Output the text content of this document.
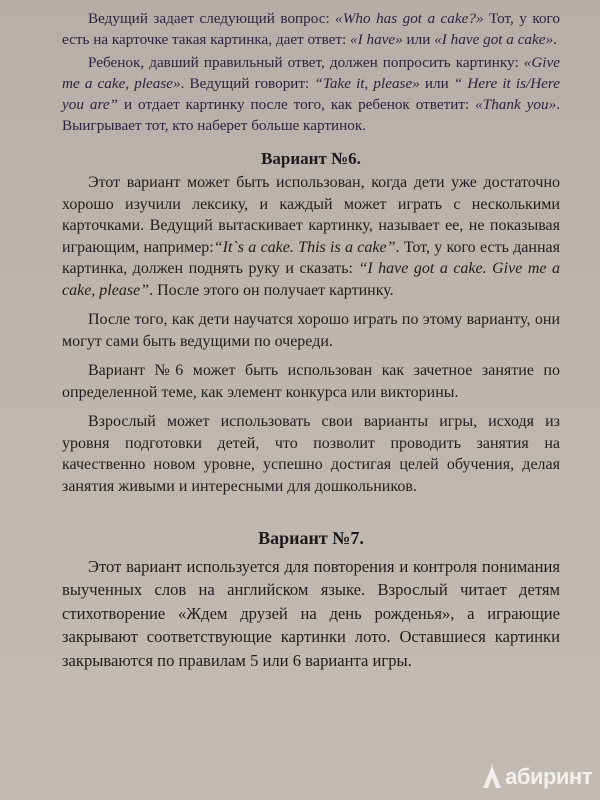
Ведущий задает следующий вопрос: «Who has got a cake?» Тот, у кого есть на карточке такая картинка, дает ответ: «I have» или «I have got a cake».

Ребенок, давший правильный ответ, должен попросить картинку: «Give me a cake, please». Ведущий говорит: “Take it, please» или “ Here it is/Here you are” и отдает картинку после того, как ребенок ответит: «Thank you». Выигрывает тот, кто наберет больше картинок.

Вариант №6.

Этот вариант может быть использован, когда дети уже достаточно хорошо изучили лексику, и каждый может играть с несколькими карточками. Ведущий вытаскивает картинку, называет ее, не показывая играющим, например:“It`s a cake. This is a cake”. Тот, у кого есть данная картинка, должен поднять руку и сказать: “I have got a cake. Give me a cake, please”. После этого он получает картинку.

После того, как дети научатся хорошо играть по этому варианту, они могут сами быть ведущими по очереди.

Вариант №6 может быть использован как зачетное занятие по определенной теме, как элемент конкурса или викторины.

Взрослый может использовать свои варианты игры, исходя из уровня подготовки детей, что позволит проводить занятия на качественно новом уровне, успешно достигая целей обучения, делая занятия живыми и интересными для дошкольников.

Вариант №7.

Этот вариант используется для повторения и контроля понимания выученных слов на английском языке. Взрослый читает детям стихотворение «Ждем друзей на день рожденья», а играющие закрывают соответствующие картинки лото. Оставшиеся картинки закрываются по правилам 5 или 6 варианта игры.

абиринт
